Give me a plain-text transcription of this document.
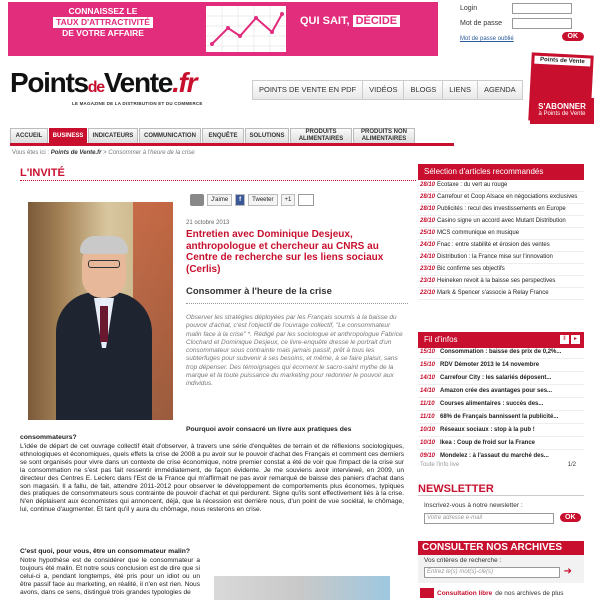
CONNAISSEZ LE
TAUX D'ATTRACTIVITÉ
DE VOTRE AFFAIRE
QUI SAIT, DÉCIDE
Login
Mot de passe
Mot de passe oublié	OK
PointsdeVente.fr
LE MAGAZINE DE LA DISTRIBUTION ET DU COMMERCE
POINTS DE VENTE EN PDF	VIDÉOS	BLOGS	LIENS	AGENDA
Points de Vente
S'ABONNER
à Points de Vente
ACCUEIL	BUSINESS	INDICATEURS	COMMUNICATION	ENQUÊTE	SOLUTIONS
PRODUITS ALIMENTAIRES
PRODUITS NON ALIMENTAIRES
Vous êtes ici : Points de Vente.fr > Consommer à l'heure de la crise
L'INVITÉ
J'aime	f	Tweeter	+1
21 octobre 2013
Entretien avec Dominique Desjeux, anthropologue et chercheur au CNRS au Centre de recherche sur les liens sociaux (Cerlis)
Consommer à l'heure de la crise

Observer les stratégies déployées par les Français soumis à la baisse du pouvoir d'achat, c'est l'objectif de l'ouvrage collectif, "Le consommateur malin face à la crise" *. Rédigé par les sociologue et anthropologue Fabrice Clochard et Dominique Desjeux, ce livre-enquête dresse le portrait d'un consommateur sous contrainte mais jamais passif, prêt à tous les subterfuges pour subvenir à ses besoins, et même, à se faire plaisir, sans trop dépenser. Des témoignages qui écornent le sacro-saint mythe de la marque et la toute puissance du marketing pour redonner le pouvoir aux individus.

Pourquoi avoir consacré un livre aux pratiques des
consommateurs?

L'idée de départ de cet ouvrage collectif était d'observer, à travers une série d'enquêtes de terrain et de réflexions sociologiques, ethnologiques et économiques, quels effets la crise de 2008 a pu avoir sur le pouvoir d'achat des Français et comment ces derniers se sont organisés pour vivre dans un contexte de crise économique, notre premier constat a été de voir que l'impact de la crise sur la consommation ne s'est pas fait ressentir immédiatement, de façon évidente. Je me souviens avoir interviewé, en 2009, un directeur des Centres E. Leclerc dans l'Est de la France qui m'affirmait ne pas avoir remarqué de baisse des paniers d'achat dans son magasin. Il a fallu, de fait, attendre 2011-2012 pour observer le développement de comportements plus économes, typiques des pratiques de consommateurs sous contrainte de pouvoir d'achat et qui perdurent. Signe qu'ils sont effectivement liés à la crise. N'en déplaisent aux économistes qui annoncent, déjà, que la récession est derrière nous, d'un point de vue sociétal, le chômage, lui, continue d'augmenter. Et tant qu'il y aura du chômage, nous resterons en crise.

C'est quoi, pour vous, être un consommateur malin?

Notre hypothèse est de considérer que le consommateur a toujours été malin. Et notre sous conclusion est de dire que si celui-ci a, pendant longtemps, été pris pour un idiot ou un être passif face au marketing, en réalité, il n'en est rien. Nous avons, dans ce sens, distingué trois grandes typologies de

Sélection d'articles recommandés
28/10 Ecotaxe : du vert au rouge
28/10 Carrefour et Coop Alsace en négociations exclusives
28/10 Publicités : recul des investissements en Europe
28/10 Casino signe un accord avec Mutant Distribution
25/10 MCS communique en musique
24/10 Fnac : entre stabilité et érosion des ventes
24/10 Distribution : la France mise sur l'innovation
23/10 Bic confirme ses objectifs
23/10 Heineken revoit à la baisse ses perspectives
22/10 Mark & Spencer s'associe à Relay France
Fil d'infos	‖	▸
15/10 Consommation : baisse des prix de 0,2%...
15/10 RDV Démoter 2013 le 14 novembre
14/10 Carrefour City : les salariés déposent...
14/10 Amazon crée des avantages pour ses...
11/10 Courses alimentaires : succès des...
11/10 68% de Français bannissent la publicité...
10/10 Réseaux sociaux : stop à la pub !
10/10 Ikea : Coup de froid sur la France
09/10 Mondelez : à l'assaut du marché des...
Toute l'info live	1/2
NEWSLETTER
Inscrivez-vous à notre newsletter :
Votre adresse e-mail	OK
CONSULTER NOS ARCHIVES
Vos critères de recherche :
Entrez le(s) mot(s)-clé(s)	➜
Consultation libre de nos archives de plus
